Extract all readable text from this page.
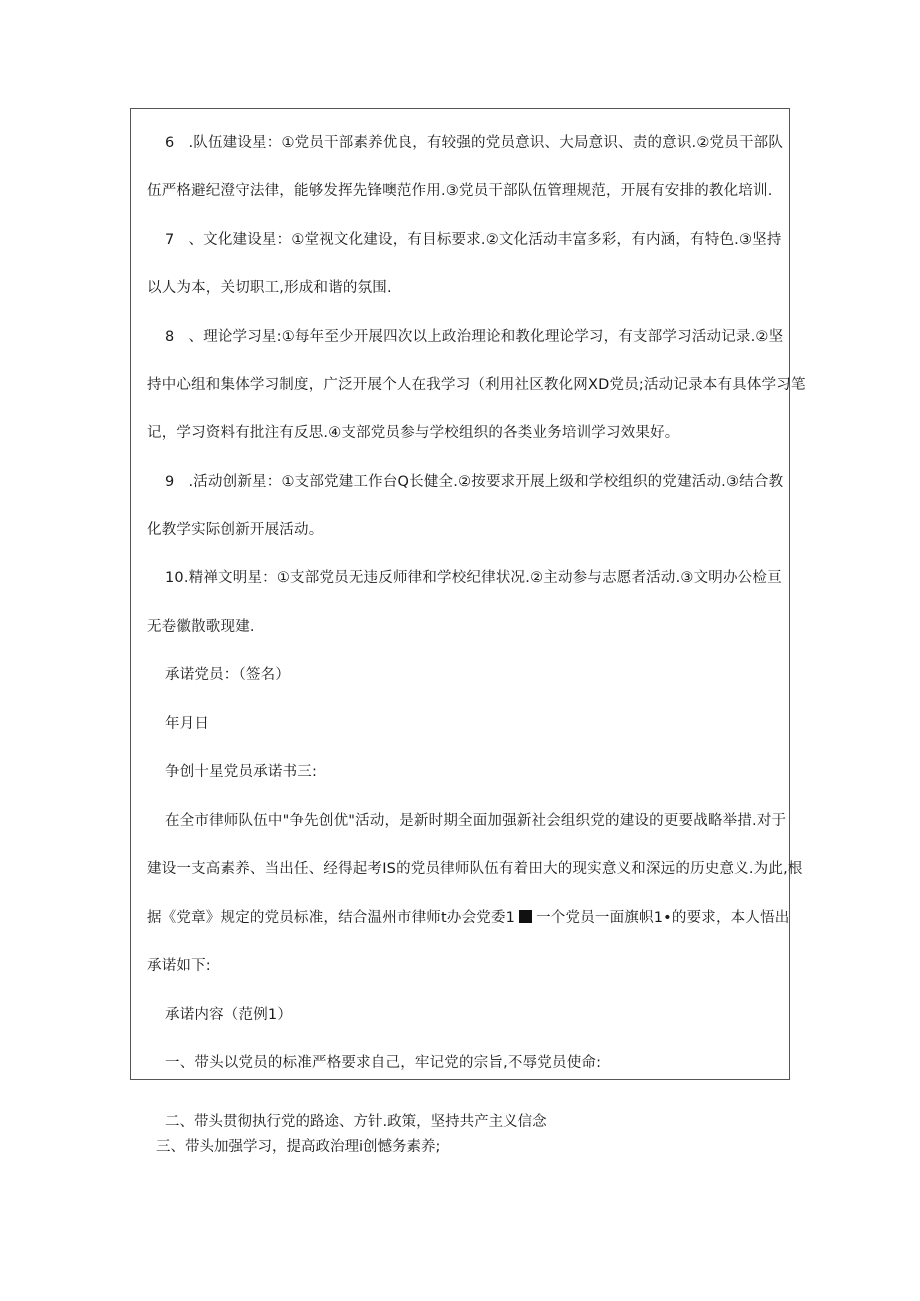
6 .队伍建设星：①党员干部素养优良，有较强的党员意识、大局意识、责的意识.②党员干部队
伍严格避纪澄守法律，能够发挥先锋噢范作用.③党员干部队伍管理规范，开展有安排的教化培训.
7 、文化建设星：①堂视文化建设，有目标要求.②文化活动丰富多彩，有内涵，有特色.③坚持
以人为本，关切职工,形成和谐的氛围.
8 、理论学习星:①每年至少开展四次以上政治理论和教化理论学习，有支部学习活动记录.②坚
持中心组和集体学习制度，广泛开展个人在我学习（利用社区教化网XD党员;活动记录本有具体学习笔
记，学习资料有批注有反思.④支部党员参与学校组织的各类业务培训学习效果好。
9 .活动创新星：①支部党建工作台Q长健全.②按要求开展上级和学校组织的党建活动.③结合教
化教学实际创新开展活动。
10.精禅文明星：①支部党员无违反师律和学校纪律状况.②主动参与志愿者活动.③文明办公检亘
无卷徽散歌现建.
承诺党员：（签名）
年月日
争创十星党员承诺书三:
在全市律师队伍中"争先创优"活动，是新时期全面加强新社会组织党的建设的更要战略举措.对于
建设一支高素养、当出任、经得起考IS的党员律师队伍有着田大的现实意义和深远的历史意义.为此,根
据《党章》规定的党员标准，结合温州市律师t办会党委1 一个党员一面旗帜1•的要求，本人悟出
承诺如下:
承诺内容（范例1）
一、带头以党员的标准严格要求自己，牢记党的宗旨,不辱党员使命:
二、带头贯彻执行党的路途、方针.政策，坚持共产主义信念
三、带头加强学习，提高政治理i创憾务素养;
